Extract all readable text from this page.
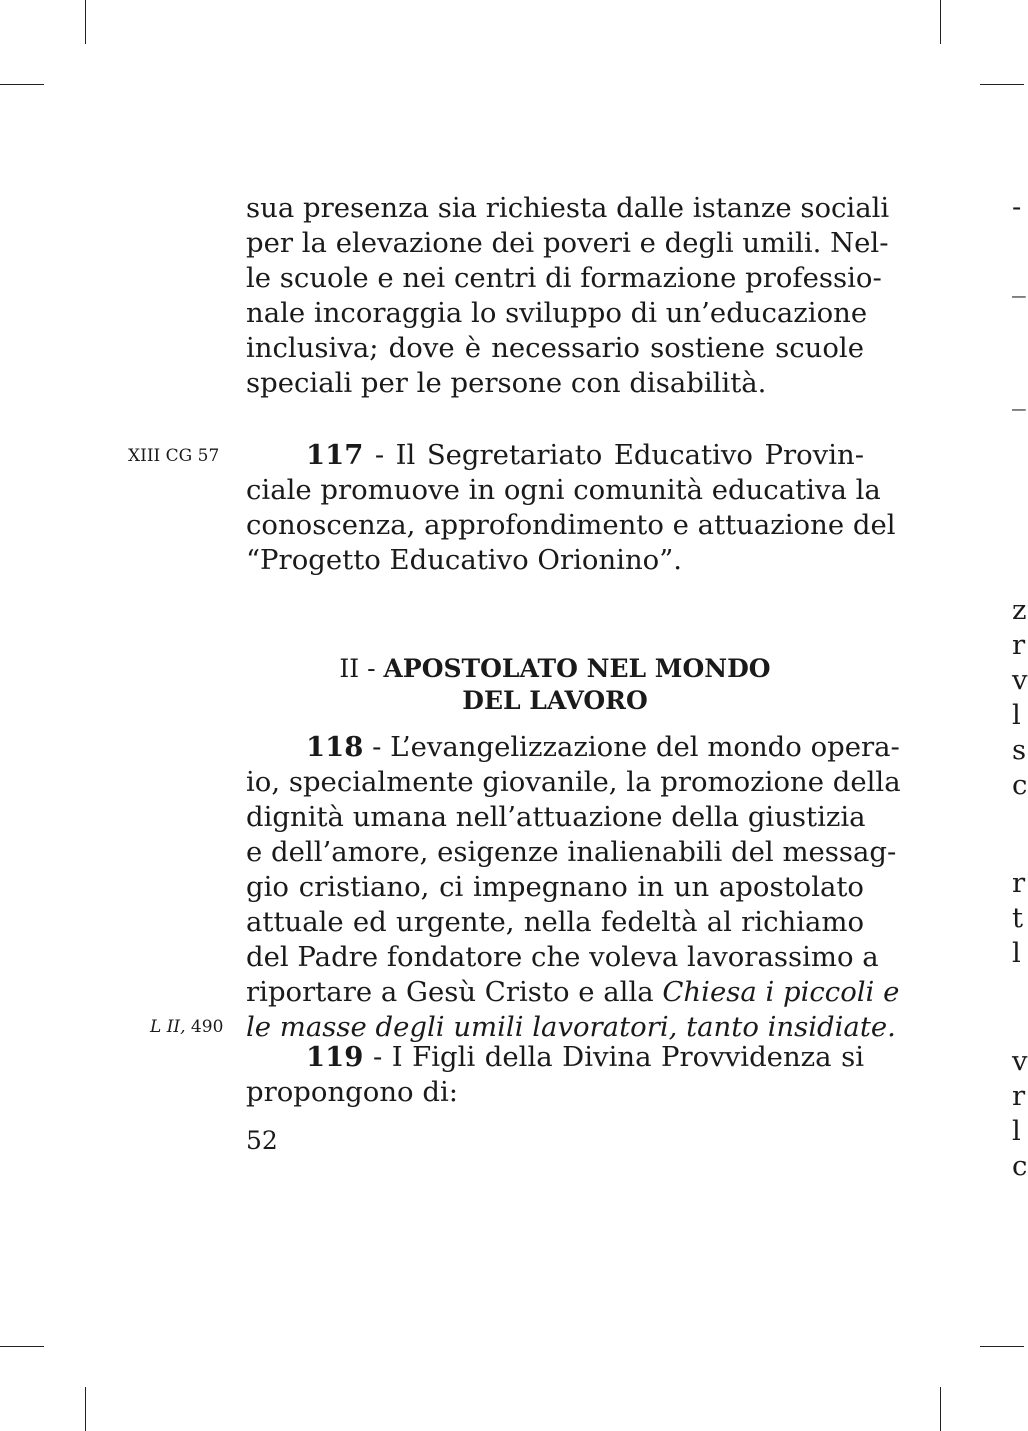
sua presenza sia richiesta dalle istanze sociali
per la elevazione dei poveri e degli umili. Nel-
le scuole e nei centri di formazione professio-
nale incoraggia lo sviluppo di un’educazione
inclusiva; dove è necessario sostiene scuole
speciali per le persone con disabilità.
XIII CG 57	117 - Il Segretariato Educativo Provin-
ciale promuove in ogni comunità educativa la
conoscenza, approfondimento e attuazione del
“Progetto Educativo Orionino”.
II - APOSTOLATO NEL MONDO
DEL LAVORO
L II, 490
118 - L’evangelizzazione del mondo opera-
io, specialmente giovanile, la promozione della
dignità umana nell’attuazione della giustizia
e dell’amore, esigenze inalienabili del messag-
gio cristiano, ci impegnano in un apostolato
attuale ed urgente, nella fedeltà al richiamo
del Padre fondatore che voleva lavorassimo a
riportare a Gesù Cristo e alla Chiesa i piccoli e
le masse degli umili lavoratori, tanto insidiate.
119 - I Figli della Divina Provvidenza si
propongono di:
52
-
_
_
z
r
v
l
s
c
r
t
l
v
r
l
c
